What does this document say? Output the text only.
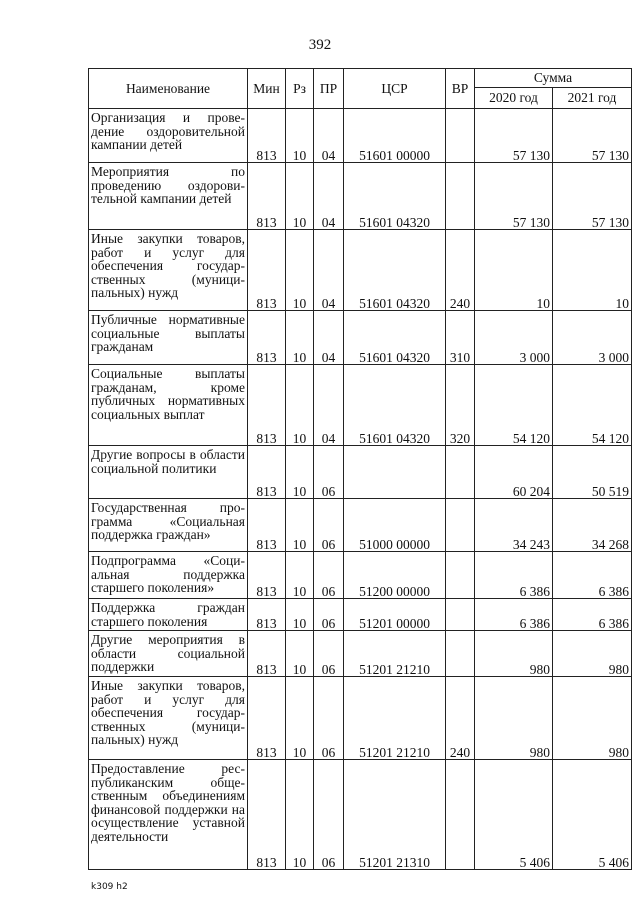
392
Наименование	Мин	Рз	ПР	ЦСР	ВР	Сумма	
						2020 год	2021 год
Организация и проведение оздоровительной кампании детей	813	10	04	51601 00000		57 130	57 130
Мероприятия по проведению оздоровительной кампании детей	813	10	04	51601 04320		57 130	57 130
Иные закупки товаров, работ и услуг для обеспечения государственных (муниципальных) нужд	813	10	04	51601 04320	240	10	10
Публичные нормативные социальные выплаты гражданам	813	10	04	51601 04320	310	3 000	3 000
Социальные выплаты гражданам, кроме публичных нормативных социальных выплат	813	10	04	51601 04320	320	54 120	54 120
Другие вопросы в области социальной политики	813	10	06			60 204	50 519
Государственная программа «Социальная поддержка граждан»	813	10	06	51000 00000		34 243	34 268
Подпрограмма «Социальная поддержка старшего поколения»	813	10	06	51200 00000		6 386	6 386
Поддержка граждан старшего поколения	813	10	06	51201 00000		6 386	6 386
Другие мероприятия в области социальной поддержки	813	10	06	51201 21210		980	980
Иные закупки товаров, работ и услуг для обеспечения государственных (муниципальных) нужд	813	10	06	51201 21210	240	980	980
Предоставление республиканским общественным объединениям финансовой поддержки на осуществление уставной деятельности	813	10	06	51201 21310		5 406	5 406
k309 h2
